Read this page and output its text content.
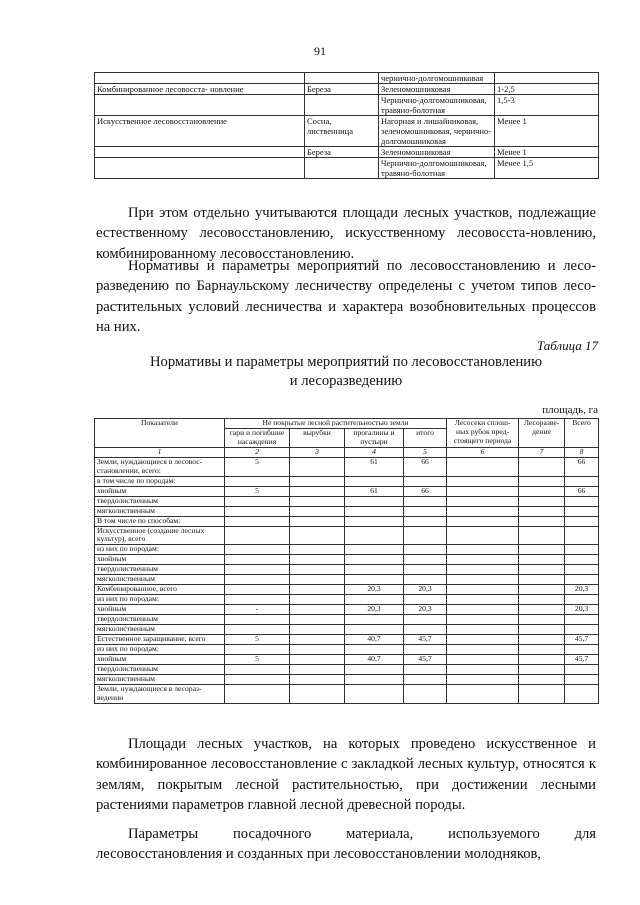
91
		чернично-долгомошниковая	
Комбинированное лесовосста- новление	Береза	Зеленомошниковая	1-2,5
		Чернично-долгомошниковая, травяно-болотная	1,5-3
Искусственное лесовосстановление	Сосна, лиственница	Нагорная и лишайниковая, зеленомошниковая, чернично-долгомошниковая	Менее 1
	Береза	Зеленомошниковая	Менее 1
		Чернично-долгомошниковая, травяно-болотная	Менее 1,5

При этом отдельно учитываются площади лесных участков, подлежащие естественному лесовосстановлению, искусственному лесовосста-новлению, комбинированному лесовосстановлению.

Нормативы и параметры мероприятий по лесовосстановлению и лесо-разведению по Барнаульскому лесничеству определены с учетом типов лесо-растительных условий лесничества и характера возобновительных процессов на них.

Таблица 17

Нормативы и параметры мероприятий по лесовосстановлению

и лесоразведению

площадь, га
Показатели	Не покрытые лесной растительностью земли				Лесосеки сплош-ных рубок пред-стоящего периода	Лесоразве-дение	Всего
	гари и погибшие насаждения	вырубки	прогалины и пустыри	итого			
1	2	3	4	5	6	7	8
Земли, нуждающиеся в лесовос-становлении, всего:	5		61	66			66
в том числе по породам:							
хвойным	5		61	66			66
твердолиственным							
мягколиственным							
В том числе по способам:							
Искусственное (создание лесных культур), всего							
из них по породам:							
хвойным							
твердолиственным							
мягколиственным							
Комбинированное, всего			20,3	20,3			20,3
из них по породам:							
хвойным	-		20,3	20,3			20,3
твердолиственным							
мягколиственным							
Естественное заращивание, всего	5		40,7	45,7			45,7
из них по породам:							
хвойным	5		40,7	45,7			45,7
твердолиственным							
мягколиственным							
Земли, нуждающиеся в лесораз-ведении							

Площади лесных участков, на которых проведено искусственное и комбинированное лесовосстановление с закладкой лесных культур, относятся к землям, покрытым лесной растительностью, при достижении лесными растениями параметров главной лесной древесной породы.

Параметры посадочного материала, используемого для лесовосстановления и созданных при лесовосстановлении молодняков,
